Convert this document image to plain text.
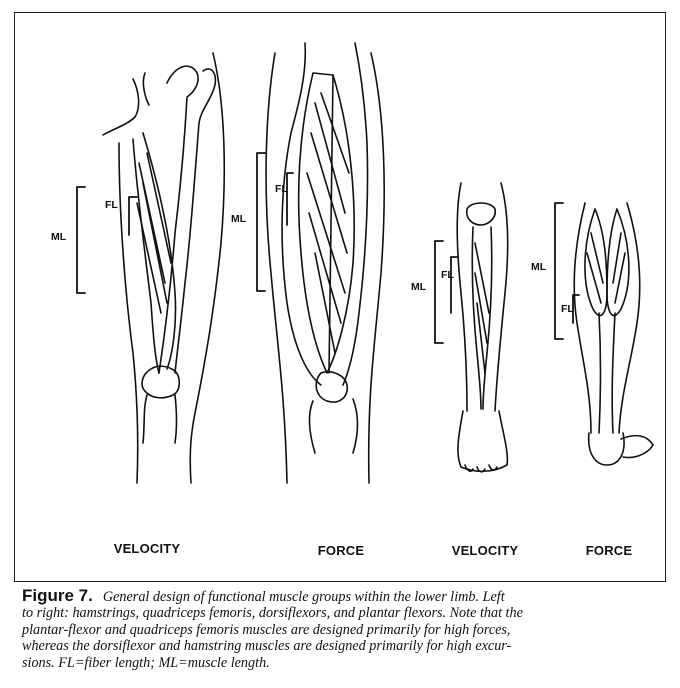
ML
FL
ML
FL
ML
FL
ML
FL
VELOCITY	FORCE	VELOCITY	FORCE
Figure 7. General design of functional muscle groups within the lower limb. Left
to right: hamstrings, quadriceps femoris, dorsiflexors, and plantar flexors. Note that the
plantar-flexor and quadriceps femoris muscles are designed primarily for high forces,
whereas the dorsiflexor and hamstring muscles are designed primarily for high excur-
sions. FL=fiber length; ML=muscle length.
